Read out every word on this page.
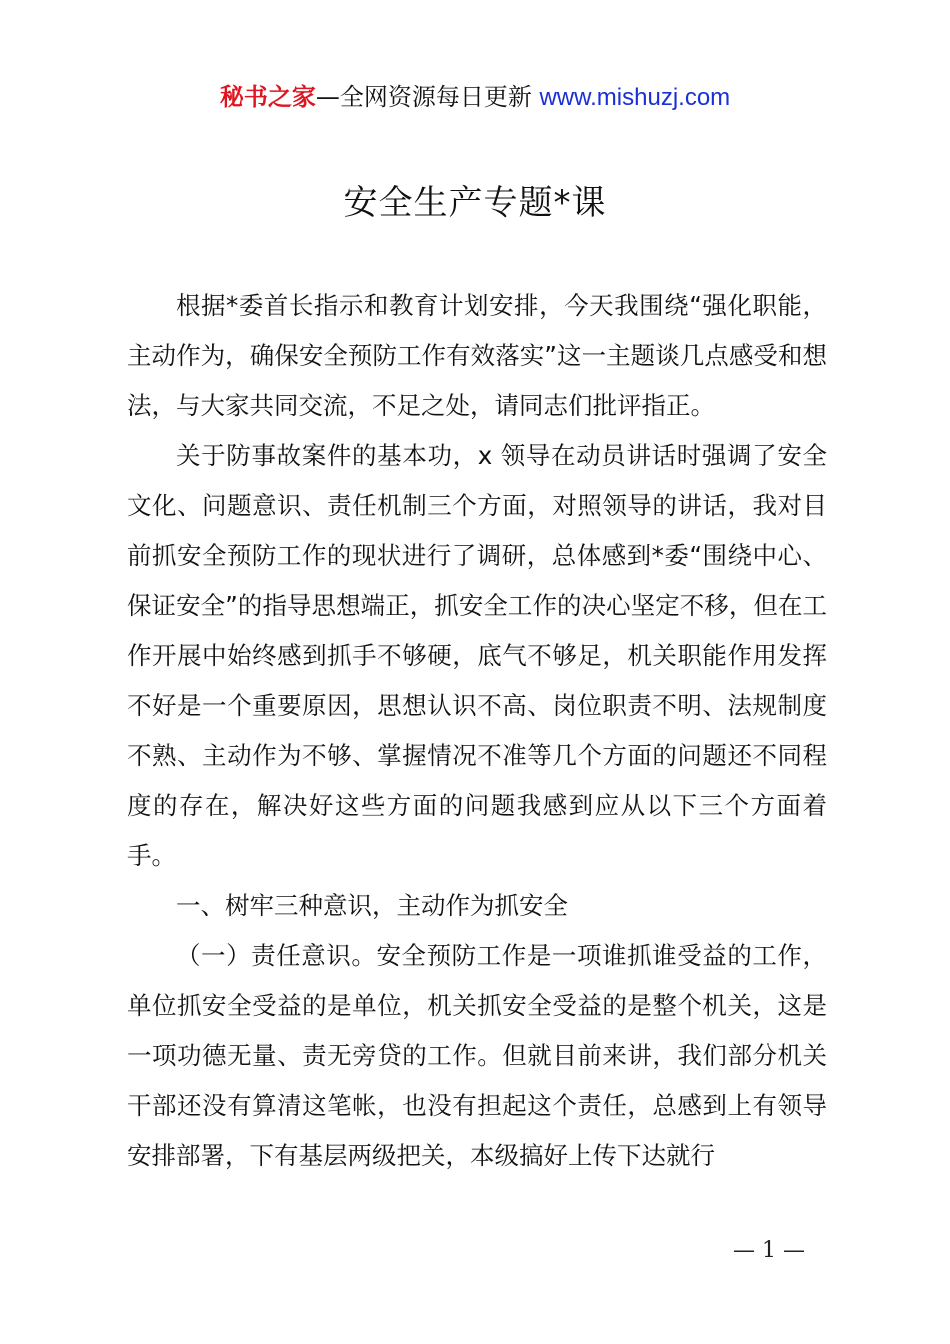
秘书之家—全网资源每日更新 www.mishuzj.com
安全生产专题*课

根据*委首长指示和教育计划安排，今天我围绕“强化职能，主动作为，确保安全预防工作有效落实”这一主题谈几点感受和想法，与大家共同交流，不足之处，请同志们批评指正。

关于防事故案件的基本功，x 领导在动员讲话时强调了安全文化、问题意识、责任机制三个方面，对照领导的讲话，我对目前抓安全预防工作的现状进行了调研，总体感到*委“围绕中心、保证安全”的指导思想端正，抓安全工作的决心坚定不移，但在工作开展中始终感到抓手不够硬，底气不够足，机关职能作用发挥不好是一个重要原因，思想认识不高、岗位职责不明、法规制度不熟、主动作为不够、掌握情况不准等几个方面的问题还不同程度的存在，解决好这些方面的问题我感到应从以下三个方面着手。

一、树牢三种意识，主动作为抓安全

（一）责任意识。安全预防工作是一项谁抓谁受益的工作，单位抓安全受益的是单位，机关抓安全受益的是整个机关，这是一项功德无量、责无旁贷的工作。但就目前来讲，我们部分机关干部还没有算清这笔帐，也没有担起这个责任，总感到上有领导安排部署，下有基层两级把关，本级搞好上传下达就行

— 1 —
